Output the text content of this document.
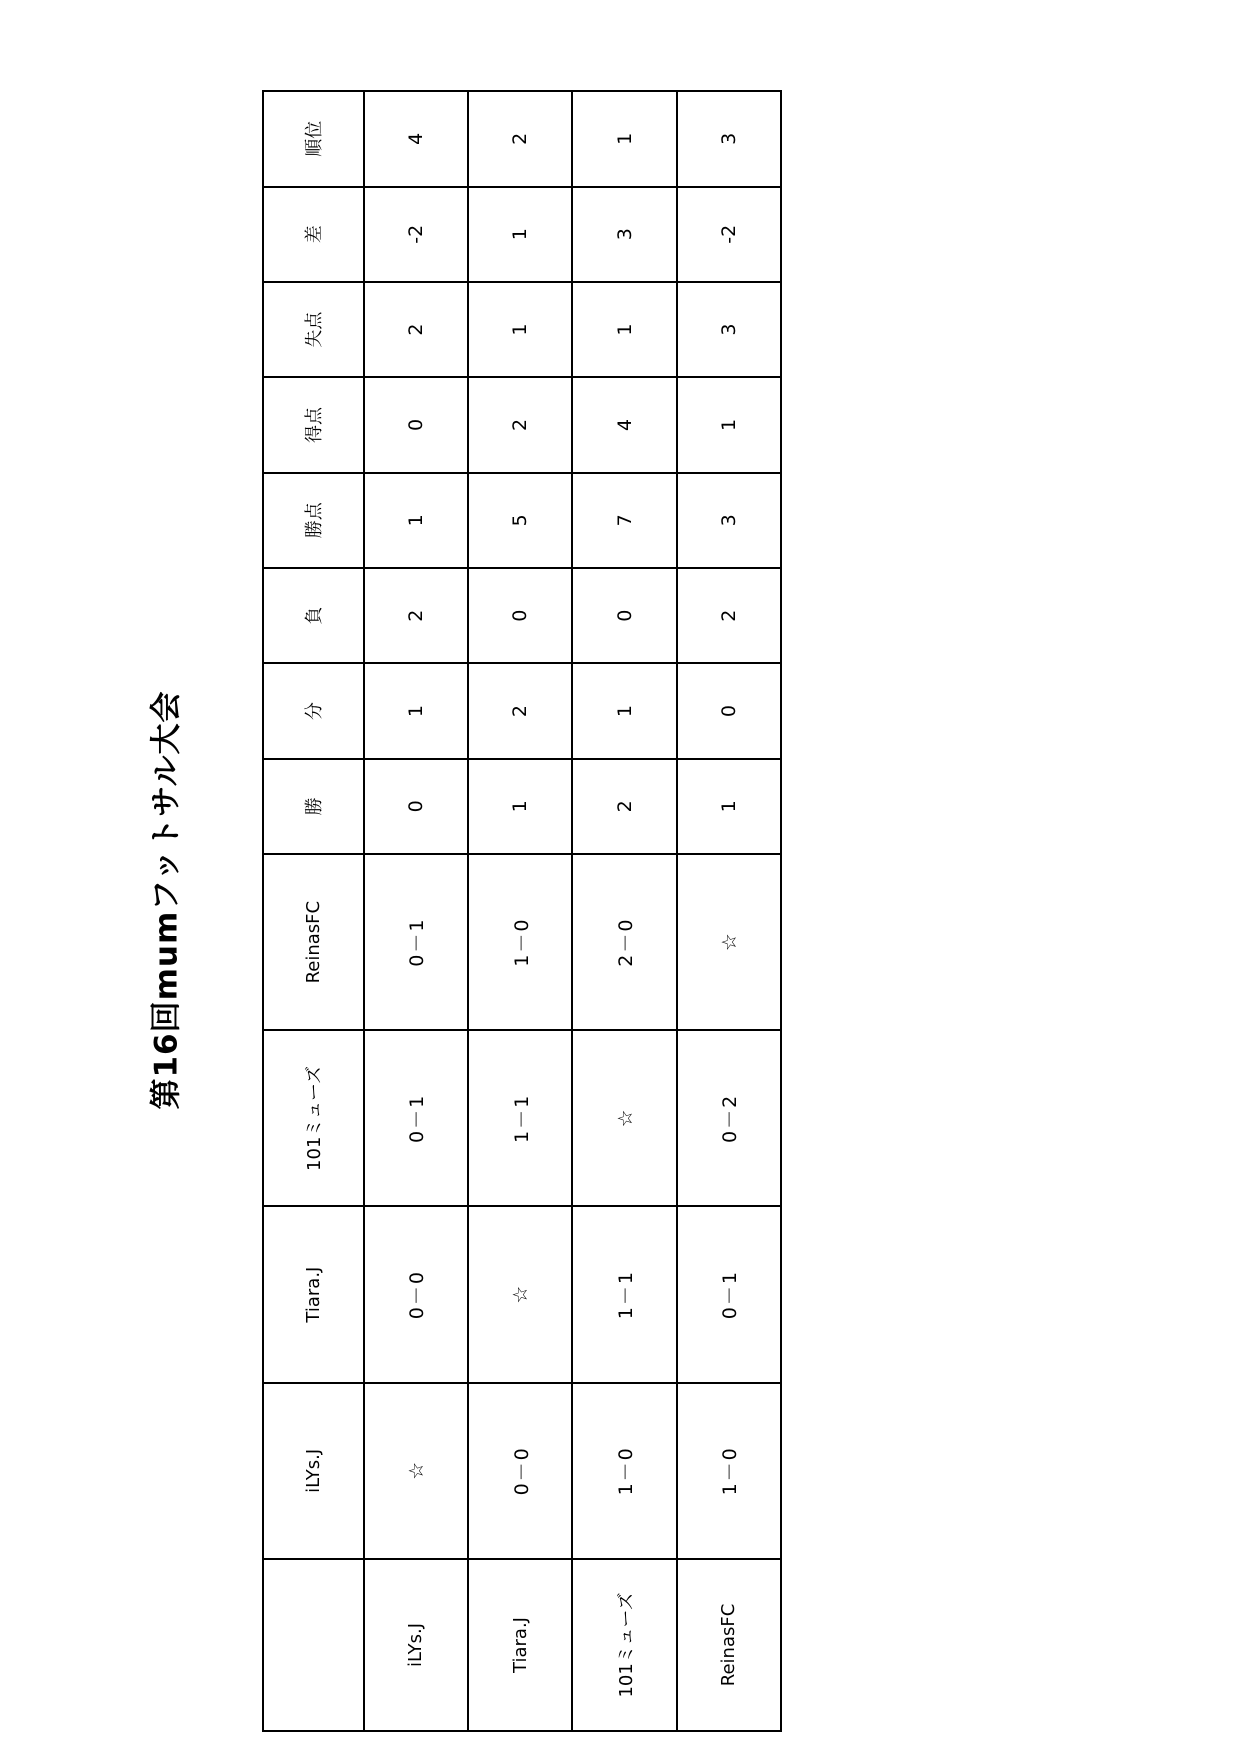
第16回mumフットサル大会
	iLYs.J	Tiara.J	101ミューズ	ReinasFC	勝	分	負	勝点	得点	失点	差	順位
iLYs.J	☆	0－0	0－1	0－1	0	1	2	1	0	2	-2	4
Tiara.J	0－0	☆	1－1	1－0	1	2	0	5	2	1	1	2
101ミューズ	1－0	1－1	☆	2－0	2	1	0	7	4	1	3	1
ReinasFC	1－0	0－1	0－2	☆	1	0	2	3	1	3	-2	3
